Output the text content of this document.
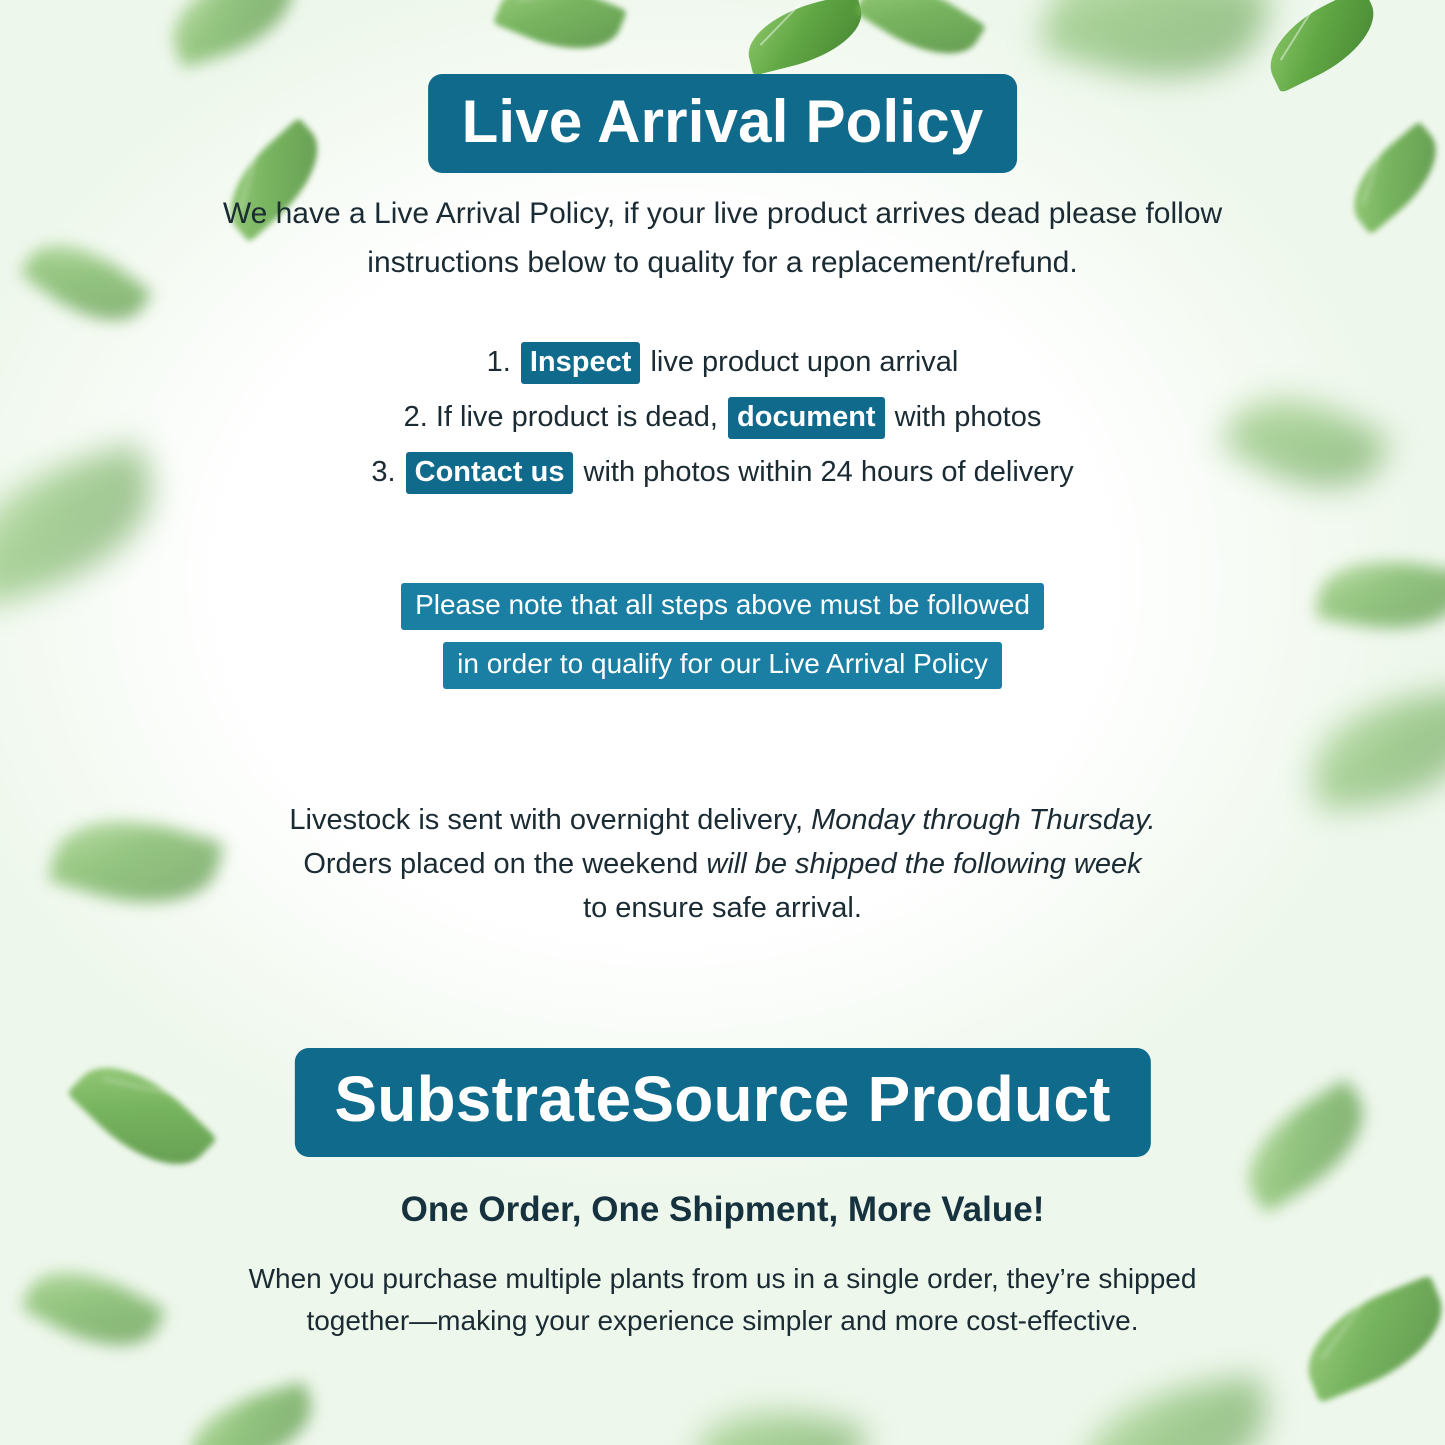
Live Arrival Policy
We have a Live Arrival Policy, if your live product arrives dead please follow
instructions below to quality for a replacement/refund.
1. Inspect live product upon arrival
2. If live product is dead, document with photos
3. Contact us with photos within 24 hours of delivery
Please note that all steps above must be followed
in order to qualify for our Live Arrival Policy
Livestock is sent with overnight delivery, Monday through Thursday.
Orders placed on the weekend will be shipped the following week
to ensure safe arrival.
SubstrateSource Product
One Order, One Shipment, More Value!
When you purchase multiple plants from us in a single order, they’re shipped
together—making your experience simpler and more cost-effective.
